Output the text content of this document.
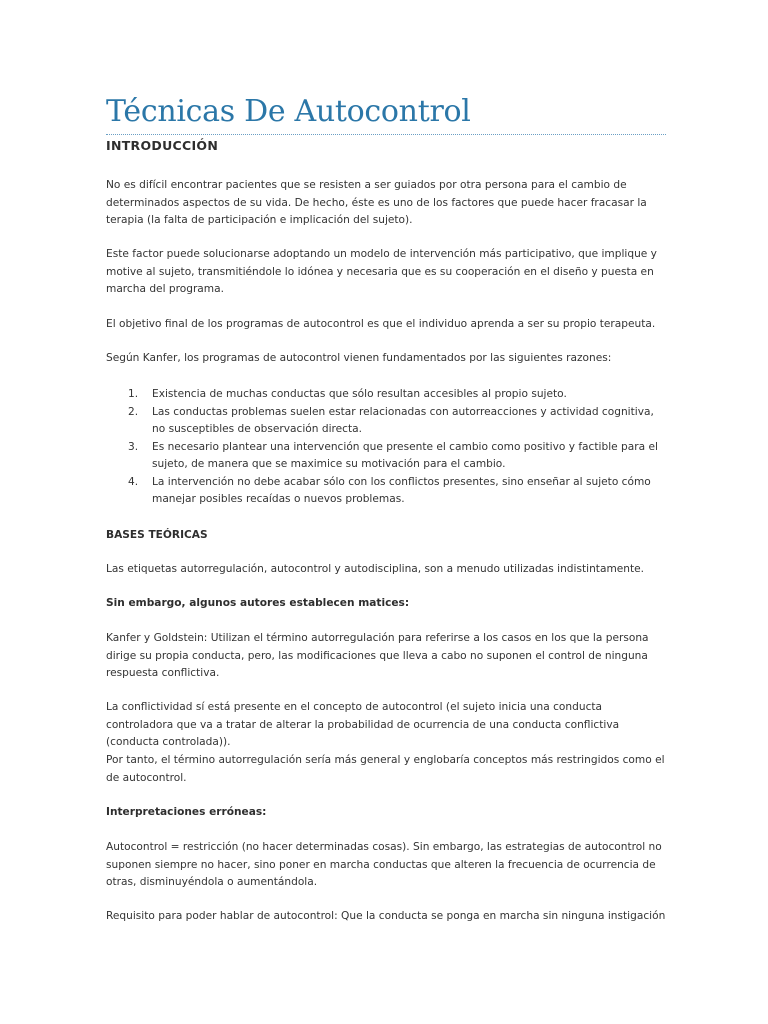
Técnicas De Autocontrol
INTRODUCCIÓN

No es difícil encontrar pacientes que se resisten a ser guiados por otra persona para el cambio de determinados aspectos de su vida. De hecho, éste es uno de los factores que puede hacer fracasar la terapia (la falta de participación e implicación del sujeto).

Este factor puede solucionarse adoptando un modelo de intervención más participativo, que implique y motive al sujeto, transmitiéndole lo idónea y necesaria que es su cooperación en el diseño y puesta en marcha del programa.

El objetivo final de los programas de autocontrol es que el individuo aprenda a ser su propio terapeuta.

Según Kanfer, los programas de autocontrol vienen fundamentados por las siguientes razones:

1. Existencia de muchas conductas que sólo resultan accesibles al propio sujeto.
2. Las conductas problemas suelen estar relacionadas con autorreacciones y actividad cognitiva, no susceptibles de observación directa.
3. Es necesario plantear una intervención que presente el cambio como positivo y factible para el sujeto, de manera que se maximice su motivación para el cambio.
4. La intervención no debe acabar sólo con los conflictos presentes, sino enseñar al sujeto cómo manejar posibles recaídas o nuevos problemas.
BASES TEÓRICAS

Las etiquetas autorregulación, autocontrol y autodisciplina, son a menudo utilizadas indistintamente.

Sin embargo, algunos autores establecen matices:

Kanfer y Goldstein: Utilizan el término autorregulación para referirse a los casos en los que la persona dirige su propia conducta, pero, las modificaciones que lleva a cabo no suponen el control de ninguna respuesta conflictiva.

La conflictividad sí está presente en el concepto de autocontrol (el sujeto inicia una conducta controladora que va a tratar de alterar la probabilidad de ocurrencia de una conducta conflictiva (conducta controlada)).

Por tanto, el término autorregulación sería más general y englobaría conceptos más restringidos como el de autocontrol.

Interpretaciones erróneas:

Autocontrol = restricción (no hacer determinadas cosas). Sin embargo, las estrategias de autocontrol no suponen siempre no hacer, sino poner en marcha conductas que alteren la frecuencia de ocurrencia de otras, disminuyéndola o aumentándola.

Requisito para poder hablar de autocontrol: Que la conducta se ponga en marcha sin ninguna instigación
